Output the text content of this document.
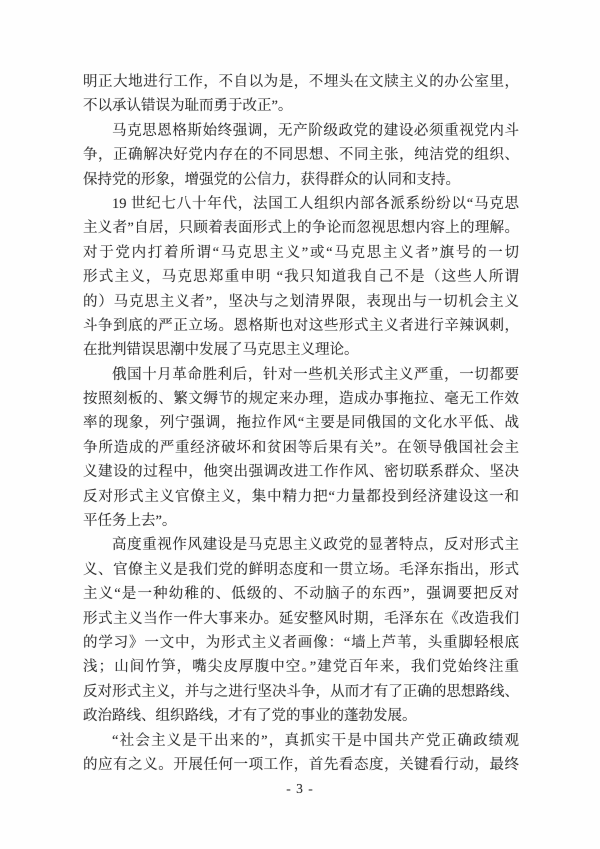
明正大地进行工作，不自以为是，不埋头在文牍主义的办公室里，
不以承认错误为耻而勇于改正”。
马克思恩格斯始终强调，无产阶级政党的建设必须重视党内斗
争，正确解决好党内存在的不同思想、不同主张，纯洁党的组织、
保持党的形象，增强党的公信力，获得群众的认同和支持。
19 世纪七八十年代，法国工人组织内部各派系纷纷以“马克思
主义者”自居，只顾着表面形式上的争论而忽视思想内容上的理解。
对于党内打着所谓“马克思主义”或“马克思主义者”旗号的一切
形式主义，马克思郑重申明 “我只知道我自己不是（这些人所谓
的）马克思主义者”，坚决与之划清界限，表现出与一切机会主义
斗争到底的严正立场。恩格斯也对这些形式主义者进行辛辣讽刺，
在批判错误思潮中发展了马克思主义理论。
俄国十月革命胜利后，针对一些机关形式主义严重，一切都要
按照刻板的、繁文缛节的规定来办理，造成办事拖拉、毫无工作效
率的现象，列宁强调，拖拉作风“主要是同俄国的文化水平低、战
争所造成的严重经济破坏和贫困等后果有关”。在领导俄国社会主
义建设的过程中，他突出强调改进工作作风、密切联系群众、坚决
反对形式主义官僚主义，集中精力把“力量都投到经济建设这一和
平任务上去”。
高度重视作风建设是马克思主义政党的显著特点，反对形式主
义、官僚主义是我们党的鲜明态度和一贯立场。毛泽东指出，形式
主义“是一种幼稚的、低级的、不动脑子的东西”，强调要把反对
形式主义当作一件大事来办。延安整风时期，毛泽东在《改造我们
的学习》一文中，为形式主义者画像：“墙上芦苇，头重脚轻根底
浅；山间竹笋，嘴尖皮厚腹中空。”建党百年来，我们党始终注重
反对形式主义，并与之进行坚决斗争，从而才有了正确的思想路线、
政治路线、组织路线，才有了党的事业的蓬勃发展。
“社会主义是干出来的”，真抓实干是中国共产党正确政绩观
的应有之义。开展任何一项工作，首先看态度，关键看行动，最终
- 3 -
